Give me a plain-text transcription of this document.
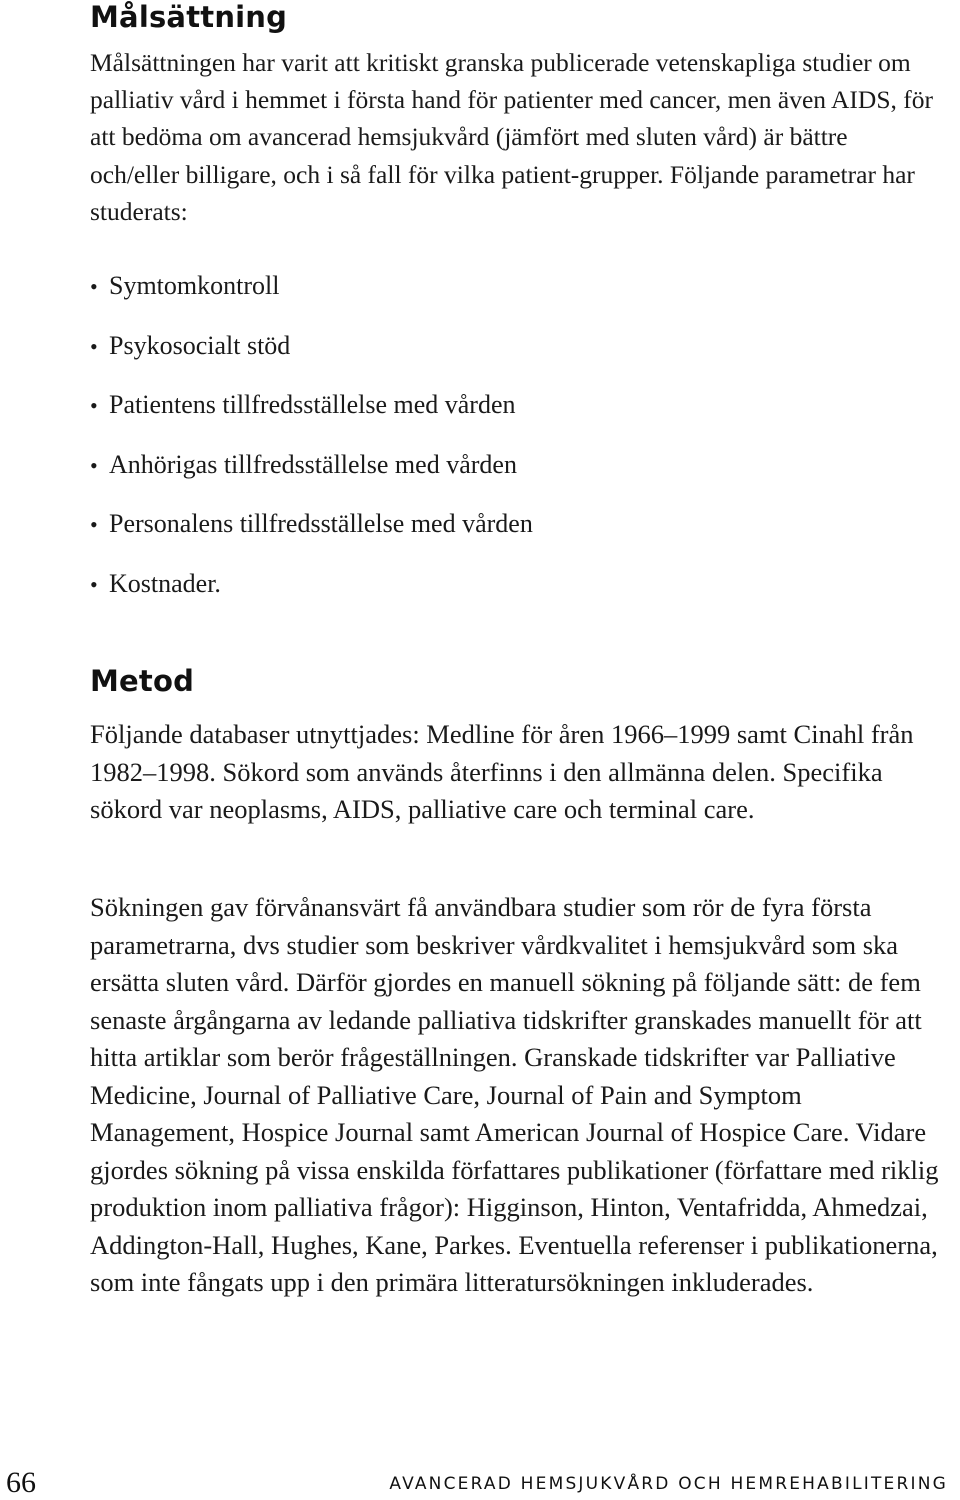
Målsättning

Målsättningen har varit att kritiskt granska publicerade vetenskapliga studier om palliativ vård i hemmet i första hand för patienter med cancer, men även AIDS, för att bedöma om avancerad hemsjukvård (jämfört med sluten vård) är bättre och/eller billigare, och i så fall för vilka patient-grupper. Följande parametrar har studerats:

• Symtomkontroll
• Psykosocialt stöd
• Patientens tillfredsställelse med vården
• Anhörigas tillfredsställelse med vården
• Personalens tillfredsställelse med vården
• Kostnader.
Metod

Följande databaser utnyttjades: Medline för åren 1966–1999 samt Cinahl från 1982–1998. Sökord som används återfinns i den allmänna delen. Specifika sökord var neoplasms, AIDS, palliative care och terminal care.

Sökningen gav förvånansvärt få användbara studier som rör de fyra första parametrarna, dvs studier som beskriver vårdkvalitet i hemsjukvård som ska ersätta sluten vård. Därför gjordes en manuell sökning på följande sätt: de fem senaste årgångarna av ledande palliativa tidskrifter granskades manuellt för att hitta artiklar som berör frågeställningen. Granskade tidskrifter var Palliative Medicine, Journal of Palliative Care, Journal of Pain and Symptom Management, Hospice Journal samt American Journal of Hospice Care. Vidare gjordes sökning på vissa enskilda författares publikationer (författare med riklig produktion inom palliativa frågor): Higginson, Hinton, Ventafridda, Ahmedzai, Addington-Hall, Hughes, Kane, Parkes. Eventuella referenser i publikationerna, som inte fångats upp i den primära litteratursökningen inkluderades.

66	AVANCERAD HEMSJUKVÅRD OCH HEMREHABILITERING
